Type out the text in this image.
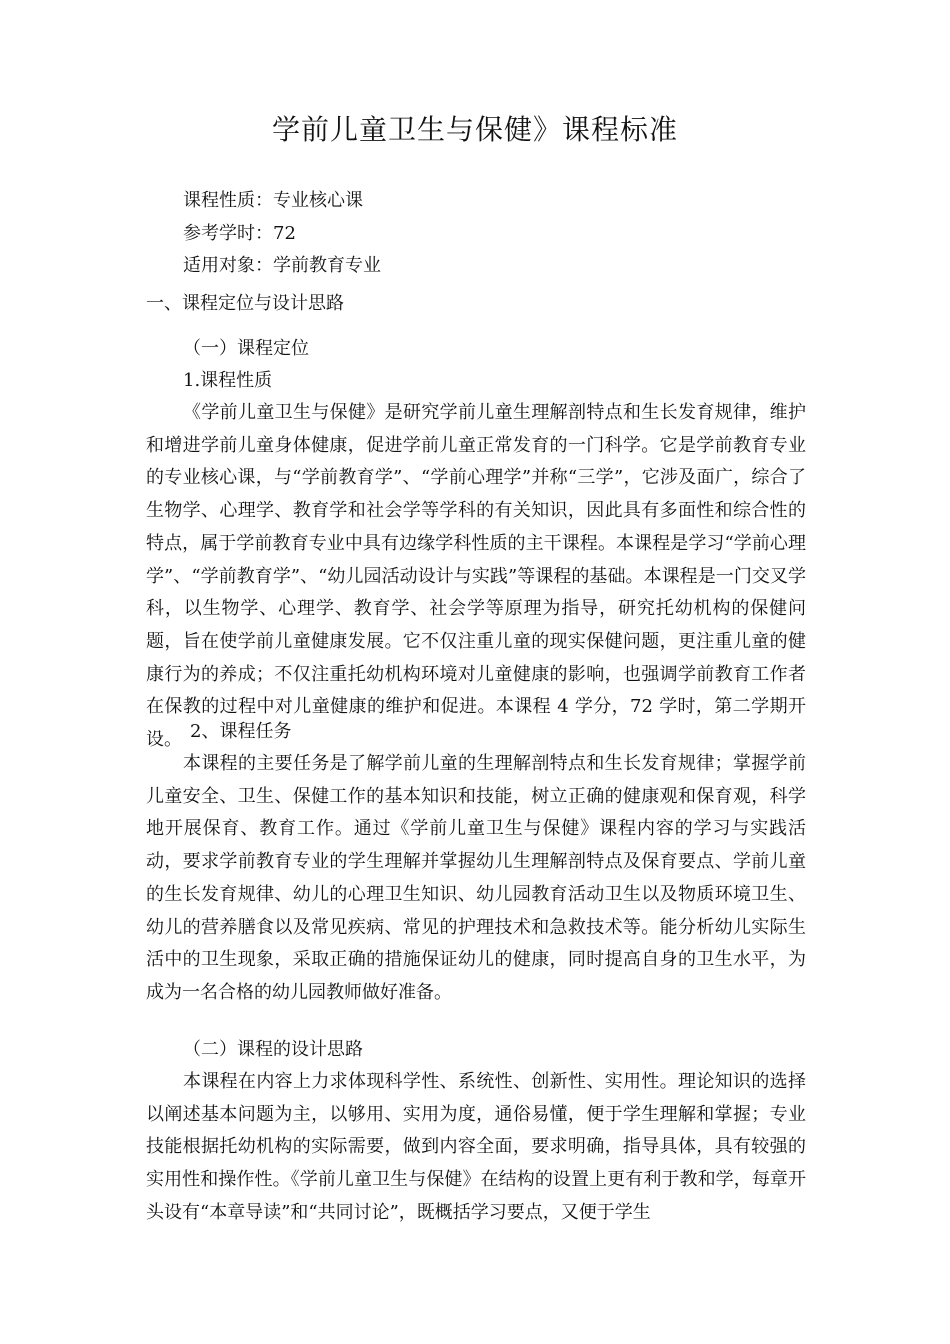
学前儿童卫生与保健》课程标准

课程性质：专业核心课

参考学时：72

适用对象：学前教育专业

一、课程定位与设计思路
（一）课程定位
1.课程性质

《学前儿童卫生与保健》是研究学前儿童生理解剖特点和生长发育规律，维护和增进学前儿童身体健康，促进学前儿童正常发育的一门科学。它是学前教育专业的专业核心课，与“学前教育学”、“学前心理学”并称“三学”，它涉及面广，综合了生物学、心理学、教育学和社会学等学科的有关知识，因此具有多面性和综合性的特点，属于学前教育专业中具有边缘学科性质的主干课程。本课程是学习“学前心理学”、“学前教育学”、“幼儿园活动设计与实践”等课程的基础。本课程是一门交叉学科，以生物学、心理学、教育学、社会学等原理为指导，研究托幼机构的保健问题，旨在使学前儿童健康发展。它不仅注重儿童的现实保健问题，更注重儿童的健康行为的养成；不仅注重托幼机构环境对儿童健康的影响，也强调学前教育工作者在保教的过程中对儿童健康的维护和促进。本课程 4 学分，72 学时，第二学期开设。 2、课程任务

本课程的主要任务是了解学前儿童的生理解剖特点和生长发育规律；掌握学前儿童安全、卫生、保健工作的基本知识和技能，树立正确的健康观和保育观，科学地开展保育、教育工作。通过《学前儿童卫生与保健》课程内容的学习与实践活动，要求学前教育专业的学生理解并掌握幼儿生理解剖特点及保育要点、学前儿童的生长发育规律、幼儿的心理卫生知识、幼儿园教育活动卫生以及物质环境卫生、幼儿的营养膳食以及常见疾病、常见的护理技术和急救技术等。能分析幼儿实际生活中的卫生现象，采取正确的措施保证幼儿的健康，同时提高自身的卫生水平，为成为一名合格的幼儿园教师做好准备。

（二）课程的设计思路

本课程在内容上力求体现科学性、系统性、创新性、实用性。理论知识的选择以阐述基本问题为主，以够用、实用为度，通俗易懂，便于学生理解和掌握；专业技能根据托幼机构的实际需要，做到内容全面，要求明确，指导具体，具有较强的实用性和操作性。《学前儿童卫生与保健》在结构的设置上更有利于教和学，每章开头设有“本章导读”和“共同讨论”，既概括学习要点，又便于学生
